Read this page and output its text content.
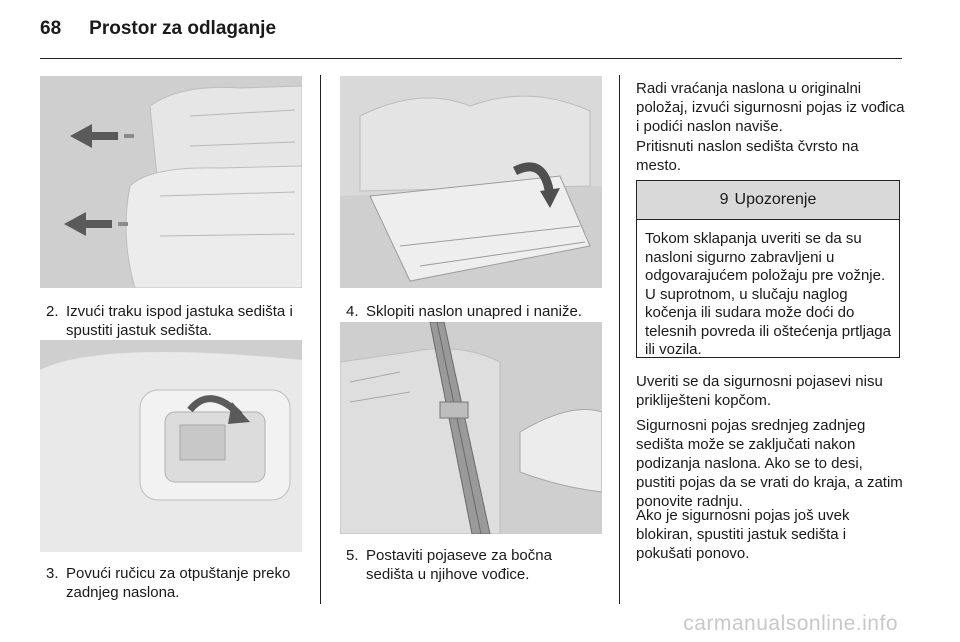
68 Prostor za odlaganje
2. Izvući traku ispod jastuka sedišta i spustiti jastuk sedišta.
3. Povući ručicu za otpuštanje preko zadnjeg naslona.
4. Sklopiti naslon unapred i naniže.
5. Postaviti pojaseve za bočna sedišta u njihove vođice.

Radi vraćanja naslona u originalni položaj, izvući sigurnosni pojas iz vođica i podići naslon naviše.

Pritisnuti naslon sedišta čvrsto na mesto.

9 Upozorenje
Tokom sklapanja uveriti se da su nasloni sigurno zabravljeni u odgovarajućem položaju pre vožnje. U suprotnom, u slučaju naglog kočenja ili sudara može doći do telesnih povreda ili oštećenja prtljaga ili vozila.

Uveriti se da sigurnosni pojasevi nisu prikliješteni kopčom.

Sigurnosni pojas srednjeg zadnjeg sedišta može se zaključati nakon podizanja naslona. Ako se to desi, pustiti pojas da se vrati do kraja, a zatim ponovite radnju.

Ako je sigurnosni pojas još uvek blokiran, spustiti jastuk sedišta i pokušati ponovo.

carmanualsonline.info
